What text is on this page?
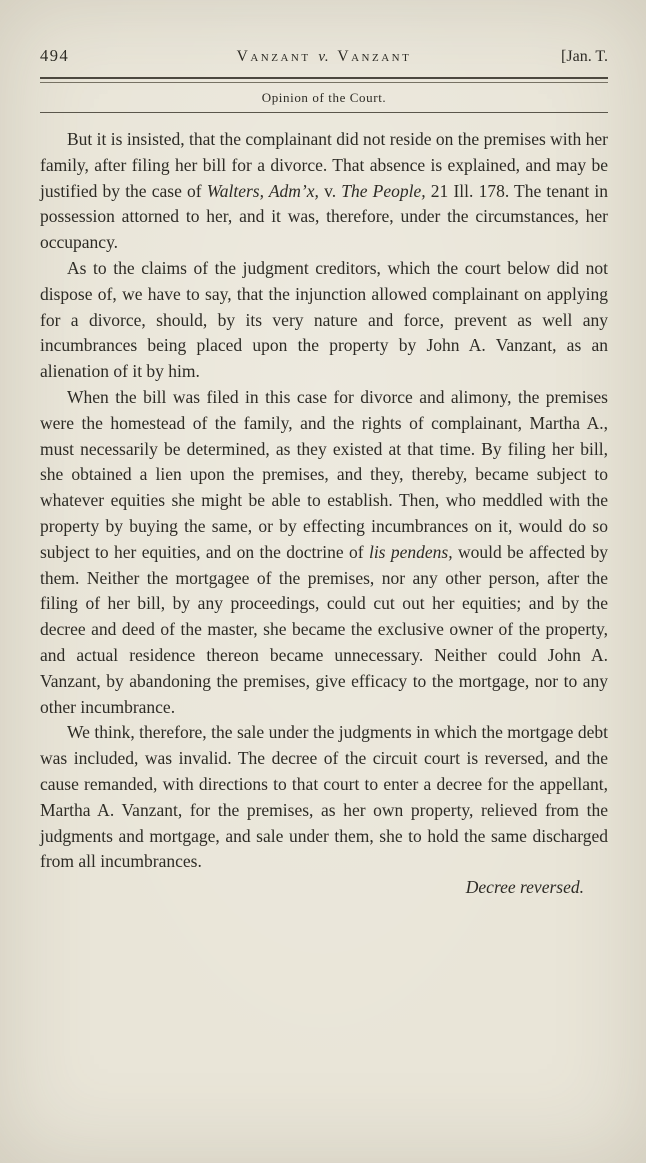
494	Vanzant v. Vanzant	[Jan. T.
Opinion of the Court.

But it is insisted, that the complainant did not reside on the premises with her family, after filing her bill for a divorce. That absence is explained, and may be justified by the case of Walters, Adm’x, v. The People, 21 Ill. 178. The tenant in possession attorned to her, and it was, therefore, under the circumstances, her occupancy.

As to the claims of the judgment creditors, which the court below did not dispose of, we have to say, that the injunction allowed complainant on applying for a divorce, should, by its very nature and force, prevent as well any incumbrances being placed upon the property by John A. Vanzant, as an alienation of it by him.

When the bill was filed in this case for divorce and alimony, the premises were the homestead of the family, and the rights of complainant, Martha A., must necessarily be determined, as they existed at that time. By filing her bill, she obtained a lien upon the premises, and they, thereby, became subject to whatever equities she might be able to establish. Then, who meddled with the property by buying the same, or by effecting incumbrances on it, would do so subject to her equities, and on the doctrine of lis pendens, would be affected by them. Neither the mortgagee of the premises, nor any other person, after the filing of her bill, by any proceedings, could cut out her equities; and by the decree and deed of the master, she became the exclusive owner of the property, and actual residence thereon became unnecessary. Neither could John A. Vanzant, by abandoning the premises, give efficacy to the mortgage, nor to any other incumbrance.

We think, therefore, the sale under the judgments in which the mortgage debt was included, was invalid. The decree of the circuit court is reversed, and the cause remanded, with directions to that court to enter a decree for the appellant, Martha A. Vanzant, for the premises, as her own property, relieved from the judgments and mortgage, and sale under them, she to hold the same discharged from all incumbrances.

Decree reversed.
